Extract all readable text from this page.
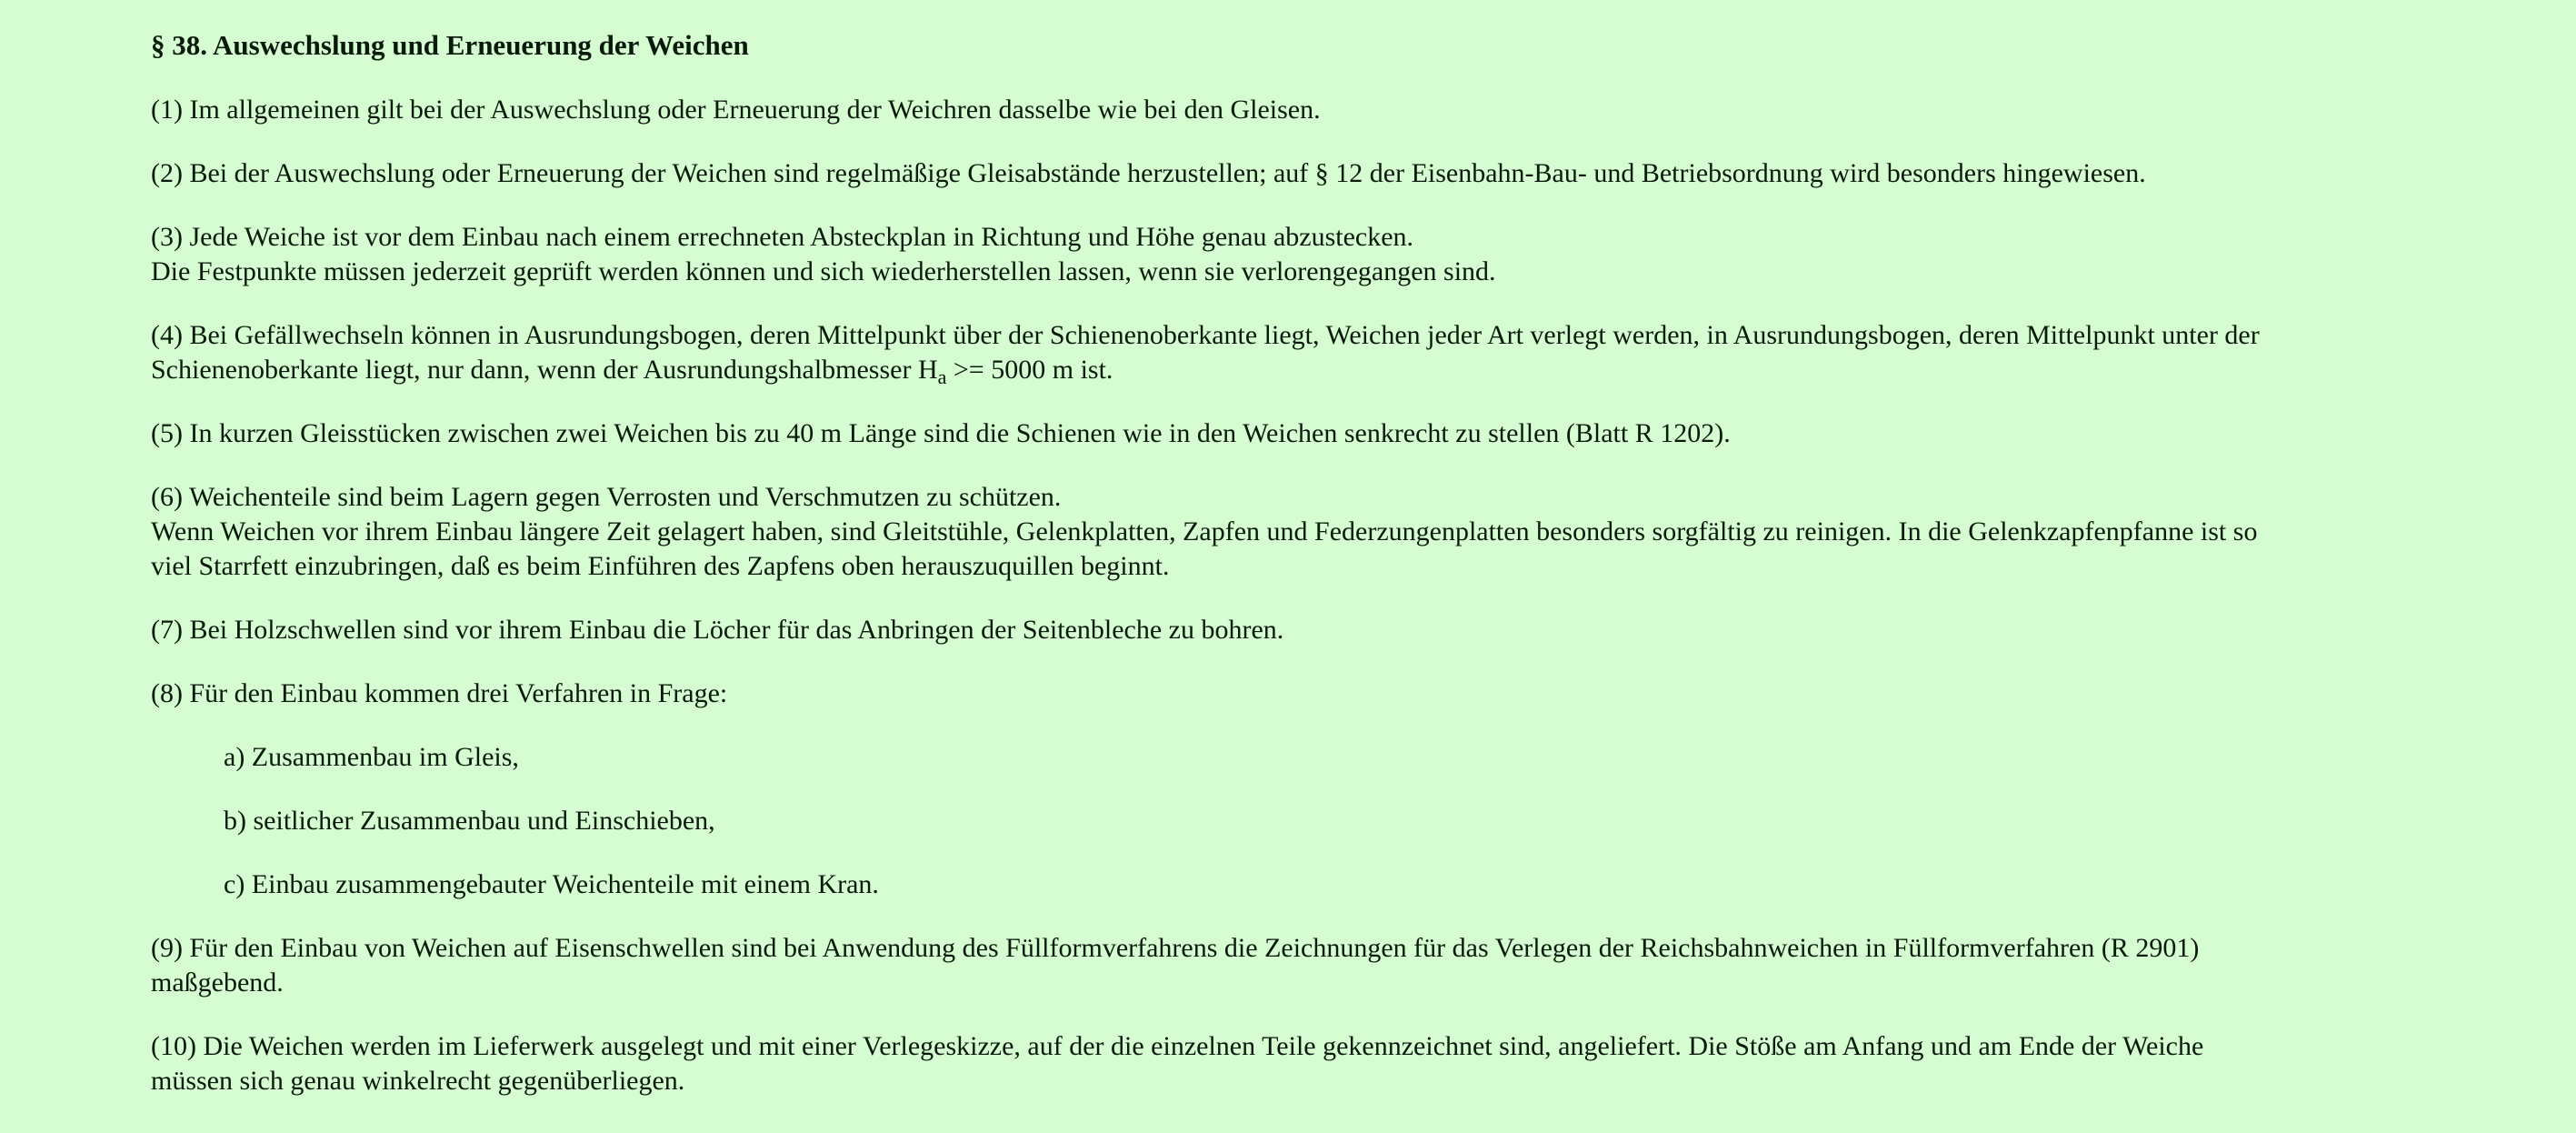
§ 38. Auswechslung und Erneuerung der Weichen
(1) Im allgemeinen gilt bei der Auswechslung oder Erneuerung der Weichren dasselbe wie bei den Gleisen.
(2) Bei der Auswechslung oder Erneuerung der Weichen sind regelmäßige Gleisabstände herzustellen; auf § 12 der Eisenbahn-Bau- und Betriebsordnung wird besonders hingewiesen.
(3) Jede Weiche ist vor dem Einbau nach einem errechneten Absteckplan in Richtung und Höhe genau abzustecken.
Die Festpunkte müssen jederzeit geprüft werden können und sich wiederherstellen lassen, wenn sie verlorengegangen sind.
(4) Bei Gefällwechseln können in Ausrundungsbogen, deren Mittelpunkt über der Schienenoberkante liegt, Weichen jeder Art verlegt werden, in Ausrundungsbogen, deren Mittelpunkt unter der
Schienenoberkante liegt, nur dann, wenn der Ausrundungshalbmesser $H_a >= 5000$ m ist.
(5) In kurzen Gleisstücken zwischen zwei Weichen bis zu 40 m Länge sind die Schienen wie in den Weichen senkrecht zu stellen (Blatt R 1202).
(6) Weichenteile sind beim Lagern gegen Verrosten und Verschmutzen zu schützen.
Wenn Weichen vor ihrem Einbau längere Zeit gelagert haben, sind Gleitstühle, Gelenkplatten, Zapfen und Federzungenplatten besonders sorgfältig zu reinigen. In die Gelenkzapfenpfanne ist so
viel Starrfett einzubringen, daß es beim Einführen des Zapfens oben herauszuquillen beginnt.
(7) Bei Holzschwellen sind vor ihrem Einbau die Löcher für das Anbringen der Seitenbleche zu bohren.
(8) Für den Einbau kommen drei Verfahren in Frage:
a) Zusammenbau im Gleis,
b) seitlicher Zusammenbau und Einschieben,
c) Einbau zusammengebauter Weichenteile mit einem Kran.
(9) Für den Einbau von Weichen auf Eisenschwellen sind bei Anwendung des Füllformverfahrens die Zeichnungen für das Verlegen der Reichsbahnweichen in Füllformverfahren (R 2901)
maßgebend.
(10) Die Weichen werden im Lieferwerk ausgelegt und mit einer Verlegeskizze, auf der die einzelnen Teile gekennzeichnet sind, angeliefert. Die Stöße am Anfang und am Ende der Weiche
müssen sich genau winkelrecht gegenüberliegen.
